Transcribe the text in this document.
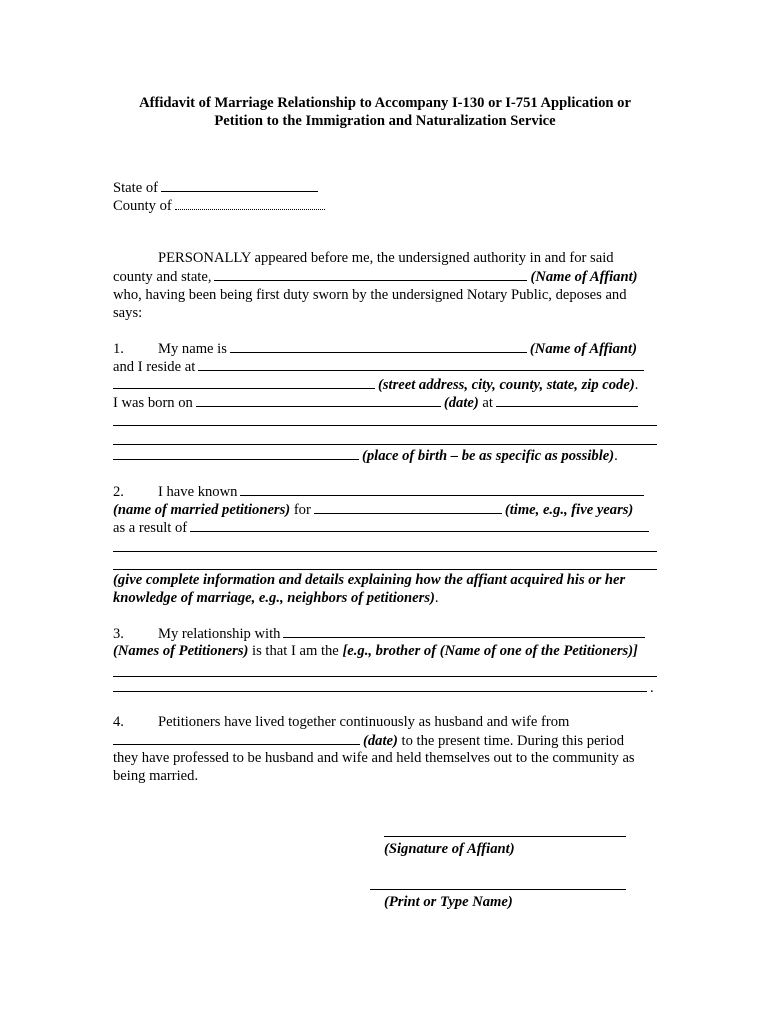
Affidavit of Marriage Relationship to Accompany I-130 or I-751 Application or
Petition to the Immigration and Naturalization Service
State of
County of
PERSONALLY appeared before me, the undersigned authority in and for said
county and state,	(Name of Affiant)
who, having been being first duty sworn by the undersigned Notary Public, deposes and
says:
1. My name is	(Name of Affiant)
and I reside at
(street address, city, county, state, zip code).
I was born on	(date) at
(place of birth – be as specific as possible).
2. I have known
(name of married petitioners) for	(time, e.g., five years)
as a result of
(give complete information and details explaining how the affiant acquired his or her
knowledge of marriage, e.g., neighbors of petitioners).
3. My relationship with
(Names of Petitioners) is that I am the [e.g., brother of (Name of one of the Petitioners)]
.
4. Petitioners have lived together continuously as husband and wife from
(date) to the present time. During this period
they have professed to be husband and wife and held themselves out to the community as
being married.
(Signature of Affiant)
(Print or Type Name)
